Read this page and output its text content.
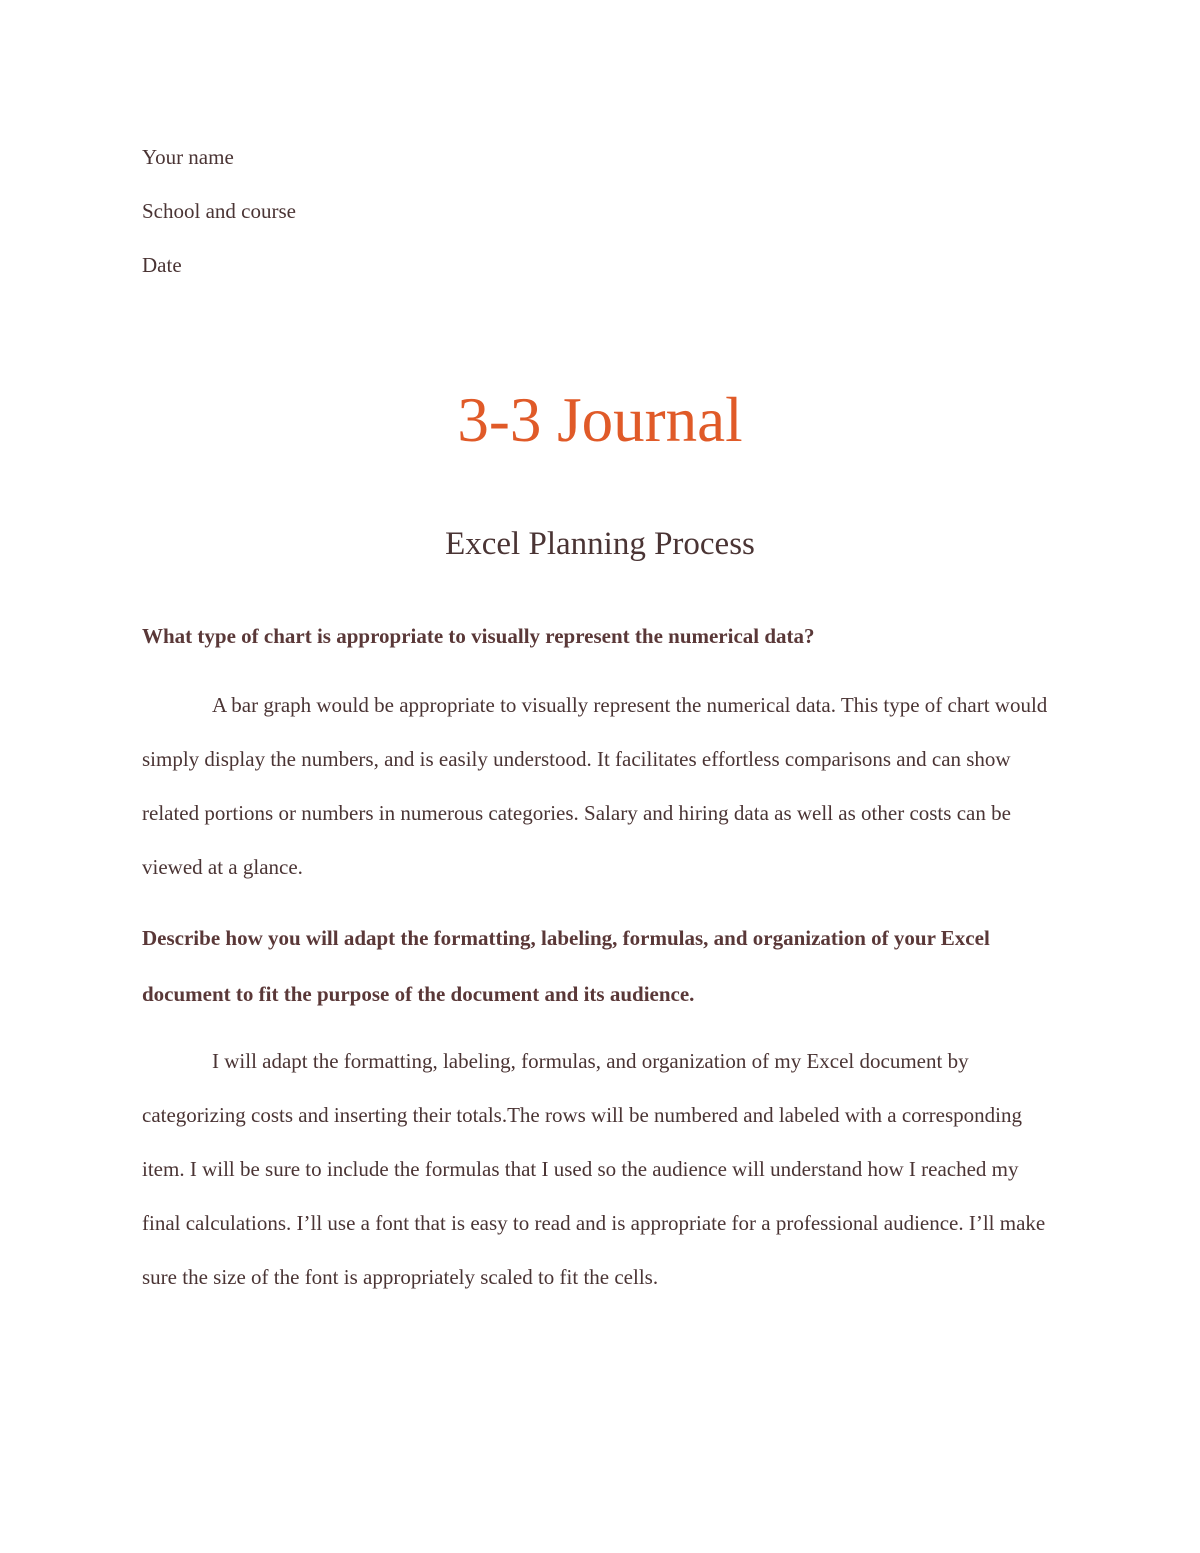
Your name
School and course
Date
3-3 Journal
Excel Planning Process
What type of chart is appropriate to visually represent the numerical data?
A bar graph would be appropriate to visually represent the numerical data. This type of chart would simply display the numbers, and is easily understood. It facilitates effortless comparisons and can show related portions or numbers in numerous categories. Salary and hiring data as well as other costs can be viewed at a glance.
Describe how you will adapt the formatting, labeling, formulas, and organization of your Excel document to fit the purpose of the document and its audience.
I will adapt the formatting, labeling, formulas, and organization of my Excel document by categorizing costs and inserting their totals.The rows will be numbered and labeled with a corresponding item. I will be sure to include the formulas that I used so the audience will understand how I reached my final calculations. I’ll use a font that is easy to read and is appropriate for a professional audience. I’ll make sure the size of the font is appropriately scaled to fit the cells.
